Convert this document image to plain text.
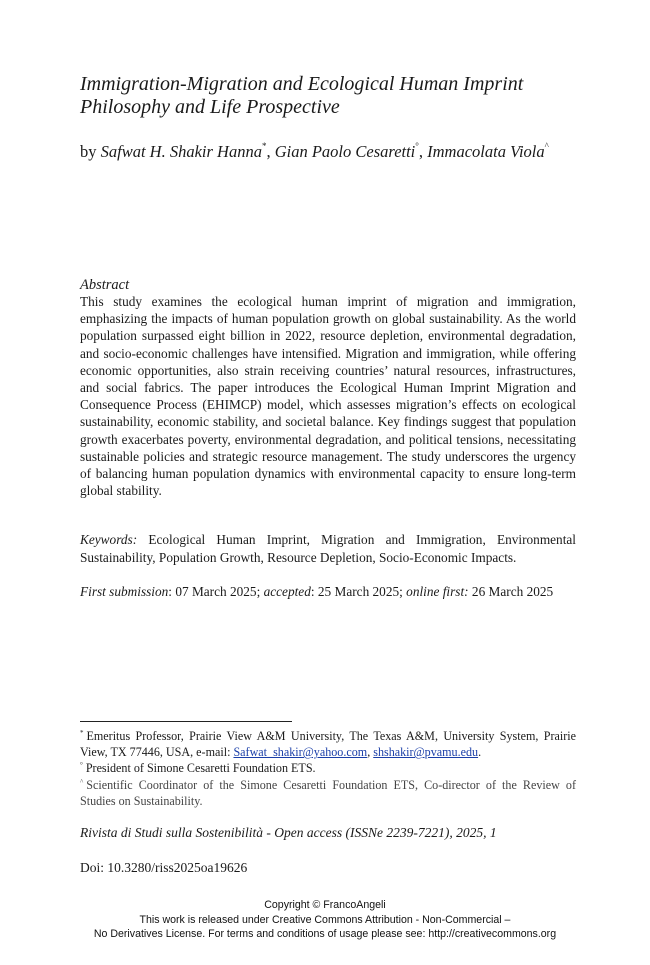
Immigration-Migration and Ecological Human Imprint
Philosophy and Life Prospective
by Safwat H. Shakir Hanna*, Gian Paolo Cesaretti°, Immacolata Viola^
Abstract

This study examines the ecological human imprint of migration and immigration, emphasizing the impacts of human population growth on global sustainability. As the world population surpassed eight billion in 2022, resource depletion, environmental degradation, and socio-economic challenges have intensified. Migration and immigration, while offering economic opportunities, also strain receiving countries’ natural resources, infrastructures, and social fabrics. The paper introduces the Ecological Human Imprint Migration and Consequence Process (EHIMCP) model, which assesses migration’s effects on ecological sustainability, economic stability, and societal balance. Key findings suggest that population growth exacerbates poverty, environmental degradation, and political tensions, necessitating sustainable policies and strategic resource management. The study underscores the urgency of balancing human population dynamics with environmental capacity to ensure long-term global stability.

Keywords: Ecological Human Imprint, Migration and Immigration, Environmental Sustainability, Population Growth, Resource Depletion, Socio-Economic Impacts.
First submission: 07 March 2025; accepted: 25 March 2025; online first: 26 March 2025

* Emeritus Professor, Prairie View A&M University, The Texas A&M, University System, Prairie View, TX 77446, USA, e-mail: Safwat_shakir@yahoo.com, shshakir@pvamu.edu.

° President of Simone Cesaretti Foundation ETS.

^ Scientific Coordinator of the Simone Cesaretti Foundation ETS, Co-director of the Review of Studies on Sustainability.

Rivista di Studi sulla Sostenibilità - Open access (ISSNe 2239-7221), 2025, 1
Doi: 10.3280/riss2025oa19626
Copyright © FrancoAngeli
This work is released under Creative Commons Attribution - Non-Commercial –
No Derivatives License. For terms and conditions of usage please see: http://creativecommons.org
